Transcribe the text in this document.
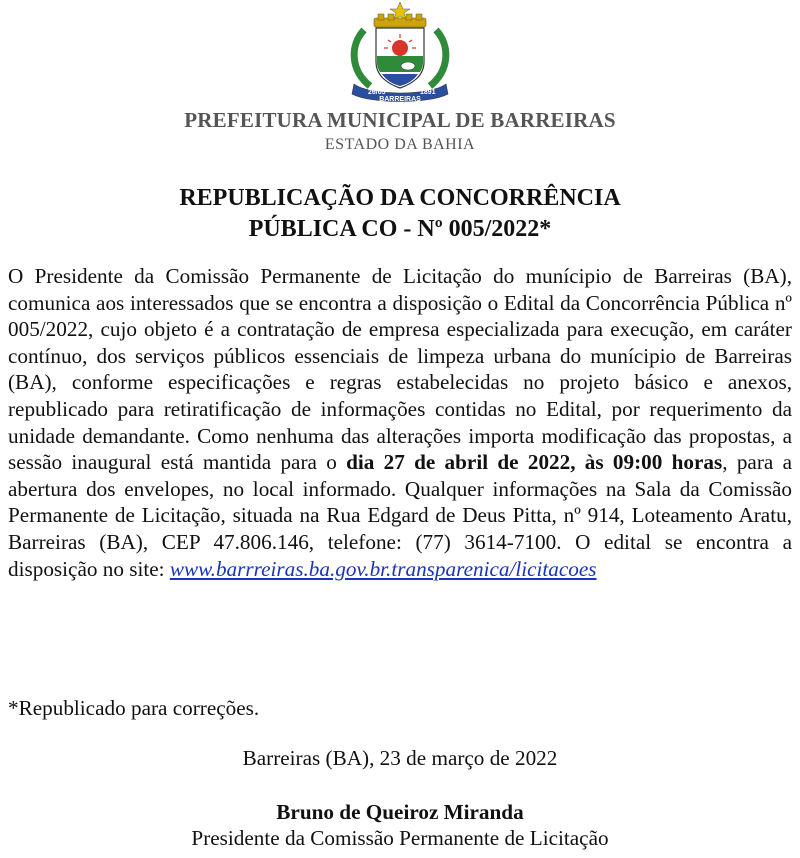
26/05	1891
BARREIRAS
PREFEITURA MUNICIPAL DE BARREIRAS
ESTADO DA BAHIA
REPUBLICAÇÃO DA CONCORRÊNCIA
PÚBLICA CO - Nº 005/2022*
O Presidente da Comissão Permanente de Licitação do munícipio de Barreiras (BA), comunica aos interessados que se encontra a disposição o Edital da Concorrência Pública nº 005/2022, cujo objeto é a contratação de empresa especializada para execução, em caráter contínuo, dos serviços públicos essenciais de limpeza urbana do munícipio de Barreiras (BA), conforme especificações e regras estabelecidas no projeto básico e anexos, republicado para retiratificação de informações contidas no Edital, por requerimento da unidade demandante. Como nenhuma das alterações importa modificação das propostas, a sessão inaugural está mantida para o dia 27 de abril de 2022, às 09:00 horas, para a abertura dos envelopes, no local informado. Qualquer informações na Sala da Comissão Permanente de Licitação, situada na Rua Edgard de Deus Pitta, nº 914, Loteamento Aratu, Barreiras (BA), CEP 47.806.146, telefone: (77) 3614-7100. O edital se encontra a disposição no site: www.barrreiras.ba.gov.br.transparenica/licitacoes
*Republicado para correções.
Barreiras (BA), 23 de março de 2022
Bruno de Queiroz Miranda
Presidente da Comissão Permanente de Licitação
